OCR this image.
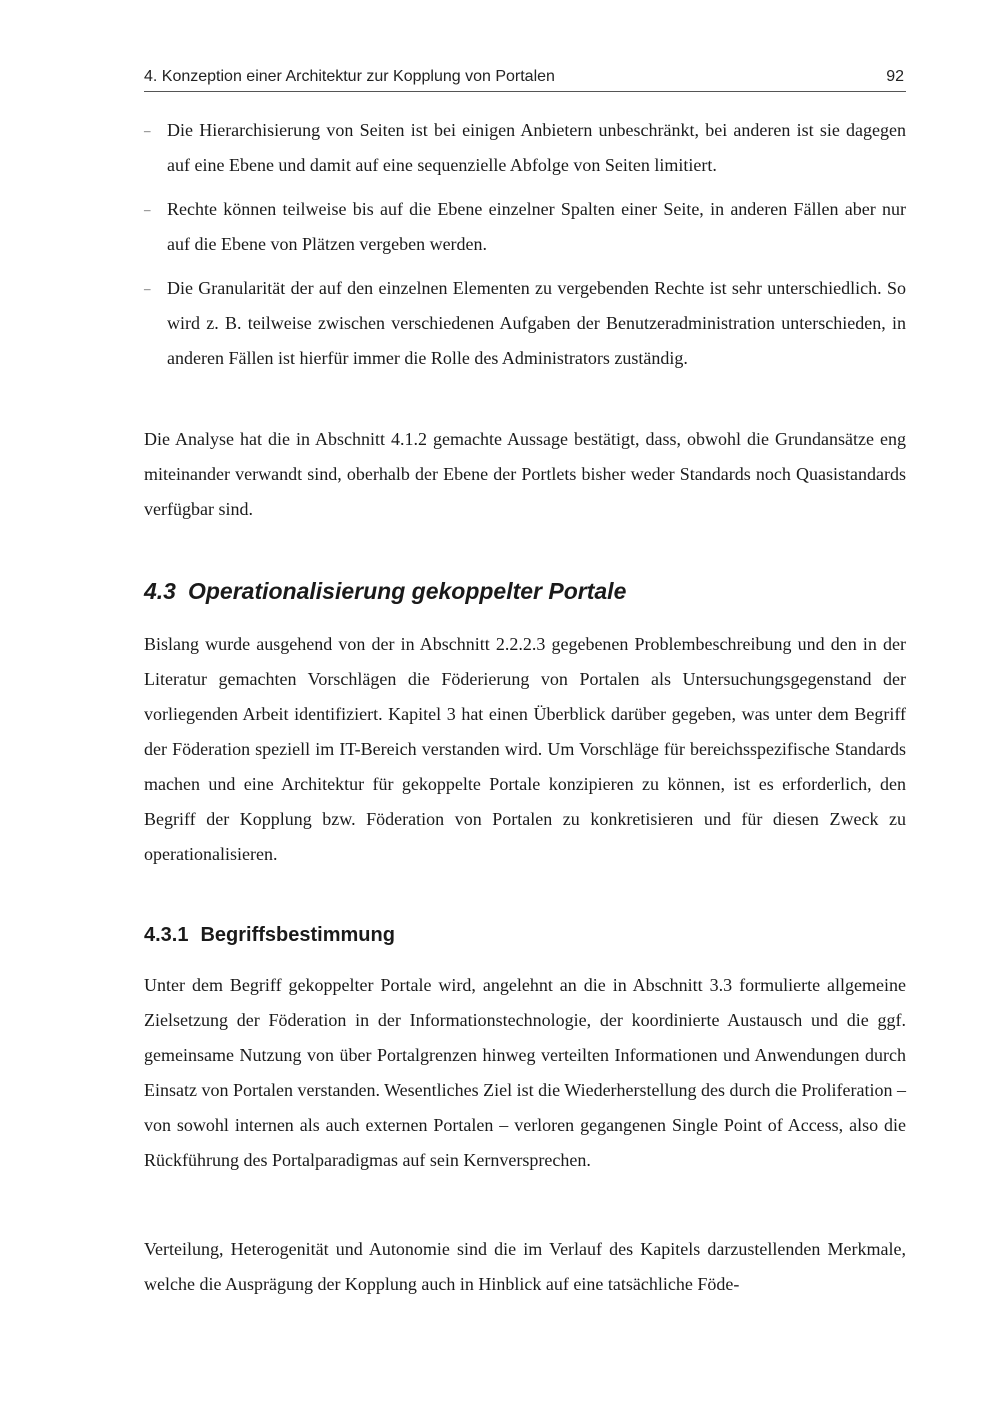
4. Konzeption einer Architektur zur Kopplung von Portalen	92
– Die Hierarchisierung von Seiten ist bei einigen Anbietern unbeschränkt, bei anderen ist sie dagegen auf eine Ebene und damit auf eine sequenzielle Abfolge von Seiten limitiert.
– Rechte können teilweise bis auf die Ebene einzelner Spalten einer Seite, in anderen Fällen aber nur auf die Ebene von Plätzen vergeben werden.
– Die Granularität der auf den einzelnen Elementen zu vergebenden Rechte ist sehr unterschiedlich. So wird z. B. teilweise zwischen verschiedenen Aufgaben der Benutzeradministration unterschieden, in anderen Fällen ist hierfür immer die Rolle des Administrators zuständig.

Die Analyse hat die in Abschnitt 4.1.2 gemachte Aussage bestätigt, dass, obwohl die Grundansätze eng miteinander verwandt sind, oberhalb der Ebene der Portlets bisher weder Standards noch Quasistandards verfügbar sind.

4.3 Operationalisierung gekoppelter Portale

Bislang wurde ausgehend von der in Abschnitt 2.2.2.3 gegebenen Problembeschreibung und den in der Literatur gemachten Vorschlägen die Föderierung von Portalen als Untersuchungsgegenstand der vorliegenden Arbeit identifiziert. Kapitel 3 hat einen Überblick darüber gegeben, was unter dem Begriff der Föderation speziell im IT-Bereich verstanden wird. Um Vorschläge für bereichsspezifische Standards machen und eine Architektur für gekoppelte Portale konzipieren zu können, ist es erforderlich, den Begriff der Kopplung bzw. Föderation von Portalen zu konkretisieren und für diesen Zweck zu operationalisieren.

4.3.1 Begriffsbestimmung

Unter dem Begriff gekoppelter Portale wird, angelehnt an die in Abschnitt 3.3 formulierte allgemeine Zielsetzung der Föderation in der Informationstechnologie, der koordinierte Austausch und die ggf. gemeinsame Nutzung von über Portalgrenzen hinweg verteilten Informationen und Anwendungen durch Einsatz von Portalen verstanden. Wesentliches Ziel ist die Wiederherstellung des durch die Proliferation – von sowohl internen als auch externen Portalen – verloren gegangenen Single Point of Access, also die Rückführung des Portalparadigmas auf sein Kernversprechen.

Verteilung, Heterogenität und Autonomie sind die im Verlauf des Kapitels darzustellenden Merkmale, welche die Ausprägung der Kopplung auch in Hinblick auf eine tatsächliche Föde-
